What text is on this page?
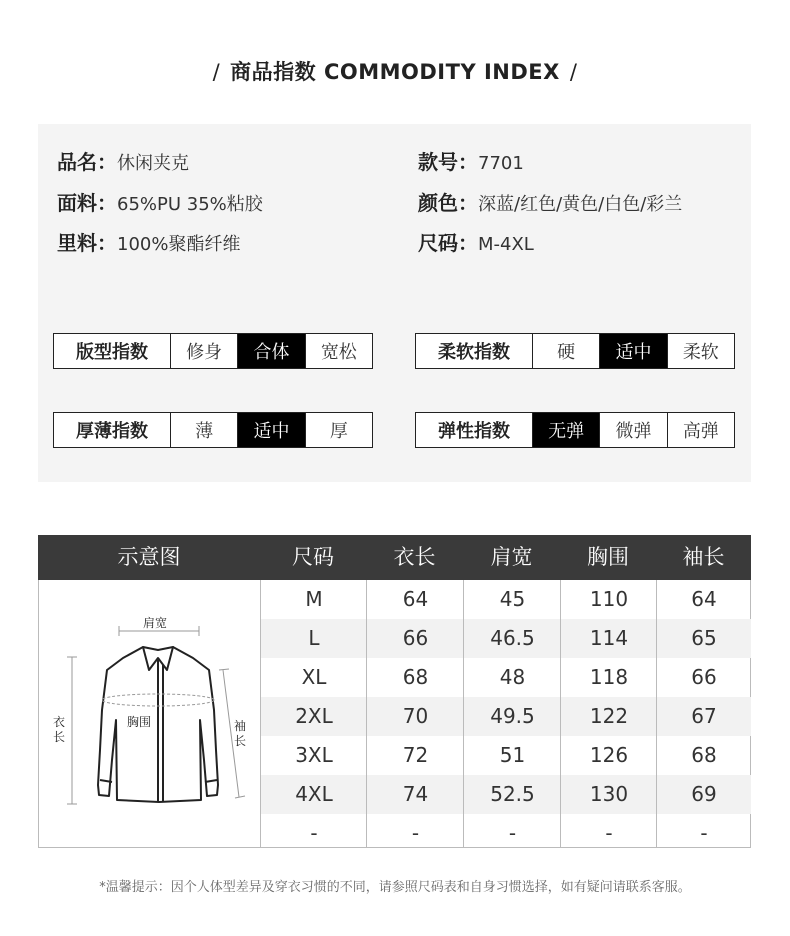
/ 商品指数 COMMODITY INDEX /
品名：休闲夹克
面料：65%PU 35%粘胶
里料：100%聚酯纤维
款号：7701
颜色：深蓝/红色/黄色/白色/彩兰
尺码：M-4XL
版型指数	修身	合体	宽松	柔软指数	硬	适中	柔软
厚薄指数	薄	适中	厚	弹性指数	无弹	微弹	高弹
示意图	尺码	衣长	肩宽	胸围	袖长
肩宽
胸围
衣
长
袖
长
M	64	45	110	64
L	66	46.5	114	65
XL	68	48	118	66
2XL	70	49.5	122	67
3XL	72	51	126	68
4XL	74	52.5	130	69
-	-	-	-	-
*温馨提示：因个人体型差异及穿衣习惯的不同，请参照尺码表和自身习惯选择，如有疑问请联系客服。
